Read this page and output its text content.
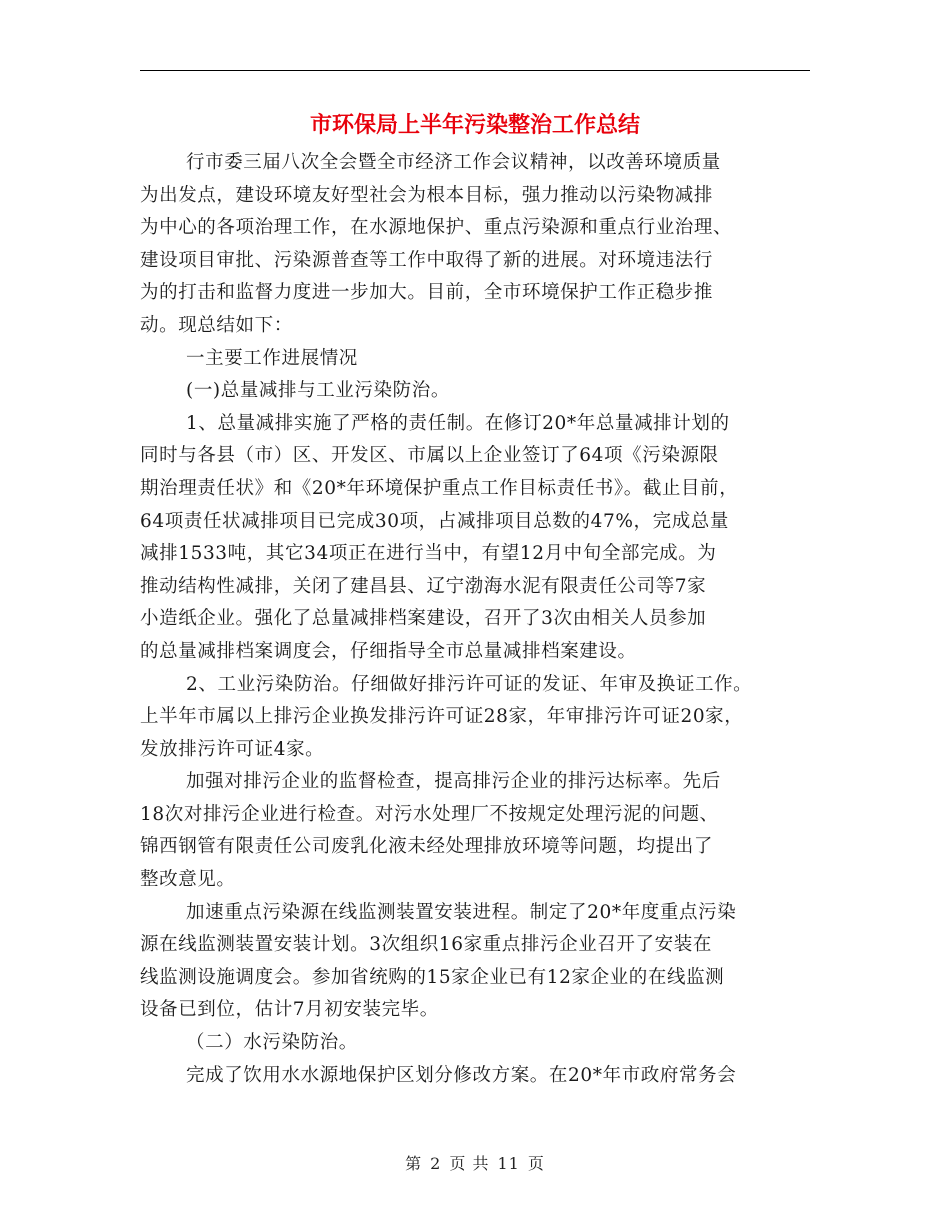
市环保局上半年污染整治工作总结
行市委三届八次全会暨全市经济工作会议精神，以改善环境质量
为出发点，建设环境友好型社会为根本目标，强力推动以污染物减排
为中心的各项治理工作，在水源地保护、重点污染源和重点行业治理、
建设项目审批、污染源普查等工作中取得了新的进展。对环境违法行
为的打击和监督力度进一步加大。目前，全市环境保护工作正稳步推
动。现总结如下：
一主要工作进展情况
(一)总量减排与工业污染防治。
1、总量减排实施了严格的责任制。在修订20*年总量减排计划的
同时与各县（市）区、开发区、市属以上企业签订了64项《污染源限
期治理责任状》和《20*年环境保护重点工作目标责任书》。截止目前，
64项责任状减排项目已完成30项，占减排项目总数的47%，完成总量
减排1533吨，其它34项正在进行当中，有望12月中旬全部完成。为
推动结构性减排，关闭了建昌县、辽宁渤海水泥有限责任公司等7家
小造纸企业。强化了总量减排档案建设，召开了3次由相关人员参加
的总量减排档案调度会，仔细指导全市总量减排档案建设。
2、工业污染防治。仔细做好排污许可证的发证、年审及换证工作。
上半年市属以上排污企业换发排污许可证28家，年审排污许可证20家，
发放排污许可证4家。
加强对排污企业的监督检查，提高排污企业的排污达标率。先后
18次对排污企业进行检查。对污水处理厂不按规定处理污泥的问题、
锦西钢管有限责任公司废乳化液未经处理排放环境等问题，均提出了
整改意见。
加速重点污染源在线监测装置安装进程。制定了20*年度重点污染
源在线监测装置安装计划。3次组织16家重点排污企业召开了安装在
线监测设施调度会。参加省统购的15家企业已有12家企业的在线监测
设备已到位，估计7月初安装完毕。
（二）水污染防治。
完成了饮用水水源地保护区划分修改方案。在20*年市政府常务会
第 2 页 共 11 页
